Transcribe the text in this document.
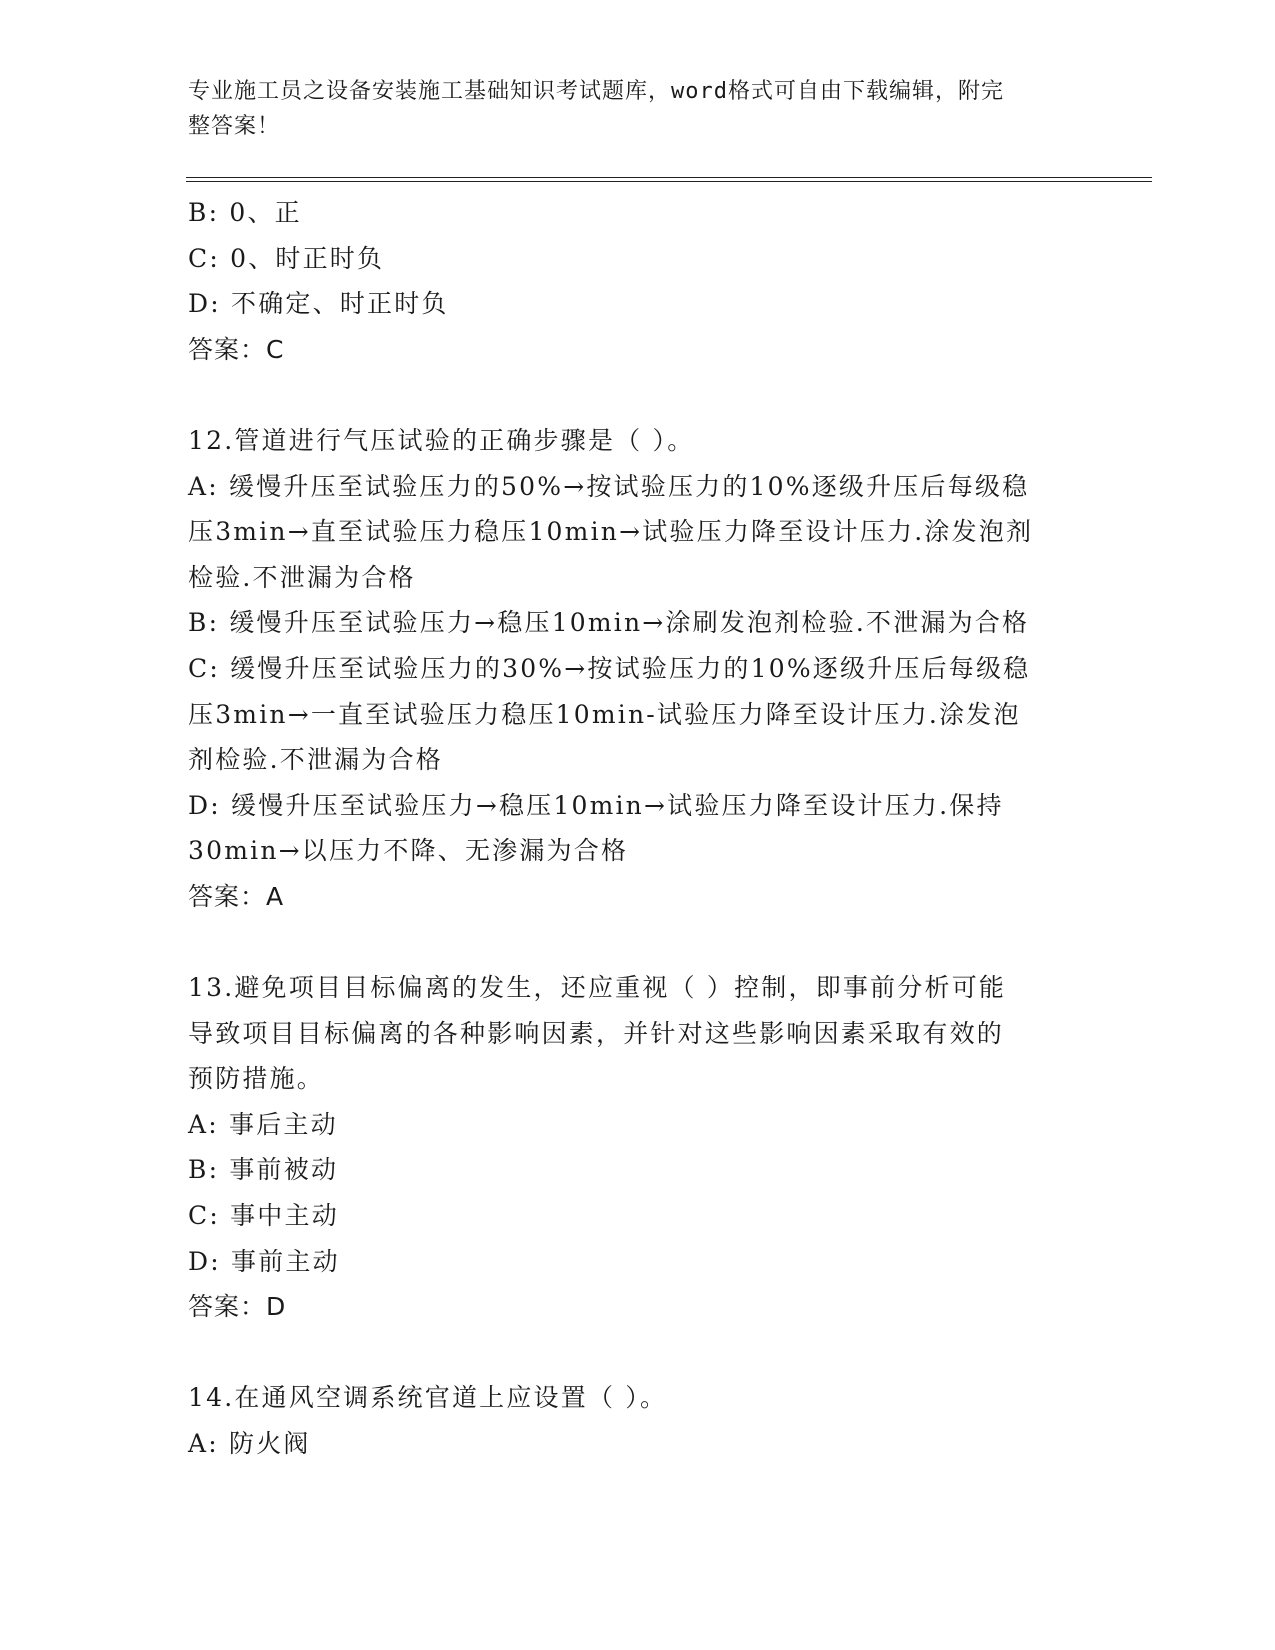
专业施工员之设备安装施工基础知识考试题库，word格式可自由下载编辑，附完
整答案！
B: 0、正
C: 0、时正时负
D: 不确定、时正时负
答案：C
12.管道进行气压试验的正确步骤是（ ）。
A: 缓慢升压至试验压力的50%→按试验压力的10%逐级升压后每级稳
压3min→直至试验压力稳压10min→试验压力降至设计压力.涂发泡剂
检验.不泄漏为合格
B: 缓慢升压至试验压力→稳压10min→涂刷发泡剂检验.不泄漏为合格
C: 缓慢升压至试验压力的30%→按试验压力的10%逐级升压后每级稳
压3min→一直至试验压力稳压10min-试验压力降至设计压力.涂发泡
剂检验.不泄漏为合格
D: 缓慢升压至试验压力→稳压10min→试验压力降至设计压力.保持
30min→以压力不降、无渗漏为合格
答案：A
13.避免项目目标偏离的发生，还应重视（ ）控制，即事前分析可能
导致项目目标偏离的各种影响因素，并针对这些影响因素采取有效的
预防措施。
A: 事后主动
B: 事前被动
C: 事中主动
D: 事前主动
答案：D
14.在通风空调系统官道上应设置（ ）。
A: 防火阀
